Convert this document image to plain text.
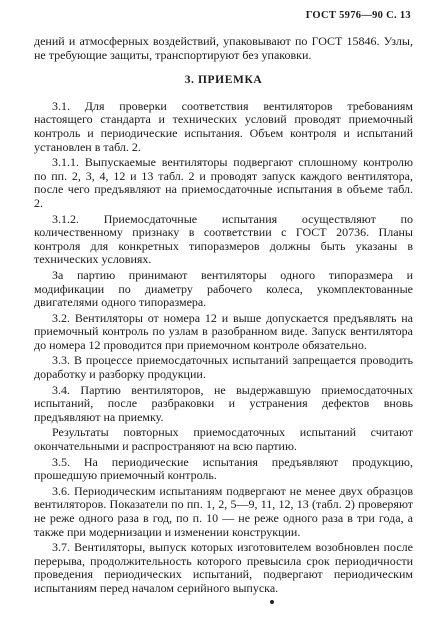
ГОСТ 5976—90 С. 13

дений и атмосферных воздействий, упаковывают по ГОСТ 15846. Узлы, не требующие защиты, транспортируют без упаковки.

3. ПРИЕМКА

3.1. Для проверки соответствия вентиляторов требованиям настоящего стандарта и технических условий проводят приемочный контроль и периодические испытания. Объем контроля и испытаний установлен в табл. 2.

3.1.1. Выпускаемые вентиляторы подвергают сплошному контролю по пп. 2, 3, 4, 12 и 13 табл. 2 и проводят запуск каждого вентилятора, после чего предъявляют на приемосдаточные испытания в объеме табл. 2.

3.1.2. Приемосдаточные испытания осуществляют по количественному признаку в соответствии с ГОСТ 20736. Планы контроля для конкретных типоразмеров должны быть указаны в технических условиях.

За партию принимают вентиляторы одного типоразмера и модификации по диаметру рабочего колеса, укомплектованные двигателями одного типоразмера.

3.2. Вентиляторы от номера 12 и выше допускается предъявлять на приемочный контроль по узлам в разобранном виде. Запуск вентилятора до номера 12 проводится при приемочном контроле обязательно.

3.3. В процессе приемосдаточных испытаний запрещается проводить доработку и разборку продукции.

3.4. Партию вентиляторов, не выдержавшую приемосдаточных испытаний, после разбраковки и устранения дефектов вновь предъявляют на приемку.

Результаты повторных приемосдаточных испытаний считают окончательными и распространяют на всю партию.

3.5. На периодические испытания предъявляют продукцию, прошедшую приемочный контроль.

3.6. Периодическим испытаниям подвергают не менее двух образцов вентиляторов. Показатели по пп. 1, 2, 5—9, 11, 12, 13 (табл. 2) проверяют не реже одного раза в год, по п. 10 — не реже одного раза в три года, а также при модернизации и изменении конструкции.

3.7. Вентиляторы, выпуск которых изготовителем возобновлен после перерыва, продолжительность которого превысила срок периодичности проведения периодических испытаний, подвергают периодическим испытаниям перед началом серийного выпуска.
